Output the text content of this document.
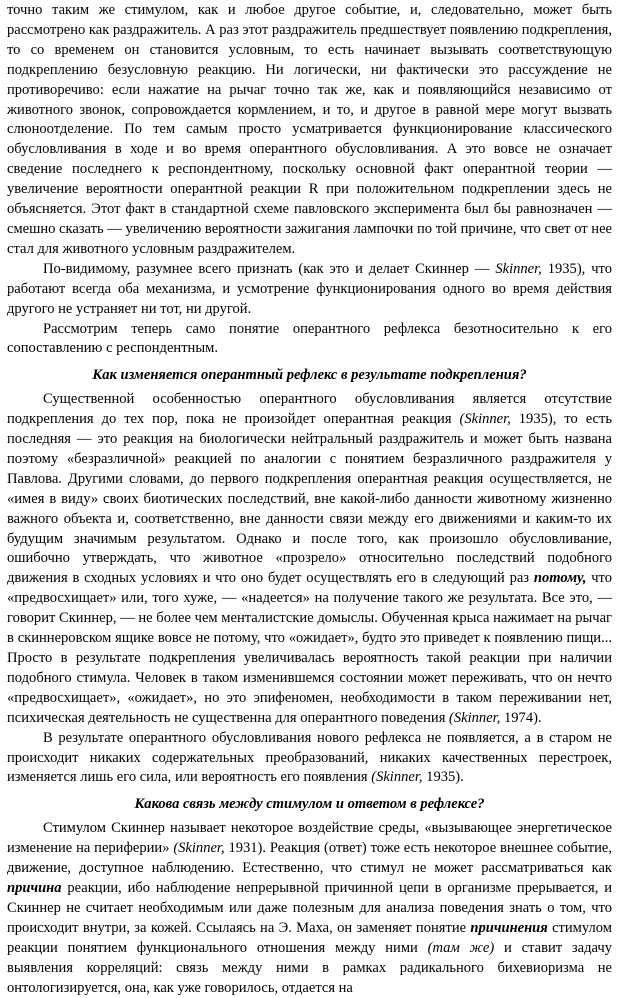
точно таким же стимулом, как и любое другое событие, и, следовательно, может быть рассмотрено как раздражитель. А раз этот раздражитель предшествует появлению подкрепления, то со временем он становится условным, то есть начинает вызывать соответствующую подкреплению безусловную реакцию. Ни логически, ни фактически это рассуждение не противоречиво: если нажатие на рычаг точно так же, как и появляющийся независимо от животного звонок, сопровождается кормлением, и то, и другое в равной мере могут вызвать слюноотделение. По тем самым просто усматривается функционирование классического обусловливания в ходе и во время оперантного обусловливания. А это вовсе не означает сведение последнего к респондентному, поскольку основной факт оперантной теории — увеличение вероятности оперантной реакции R при положительном подкреплении здесь не объясняется. Этот факт в стандартной схеме павловского эксперимента был бы равнозначен — смешно сказать — увеличению вероятности зажигания лампочки по той причине, что свет от нее стал для животного условным раздражителем.

По-видимому, разумнее всего признать (как это и делает Скиннер — Skinner, 1935), что работают всегда оба механизма, и усмотрение функционирования одного во время действия другого не устраняет ни тот, ни другой.

Рассмотрим теперь само понятие оперантного рефлекса безотносительно к его сопоставлению с респондентным.

Как изменяется оперантный рефлекс в результате подкрепления?

Существенной особенностью оперантного обусловливания является отсутствие подкрепления до тех пор, пока не произойдет оперантная реакция (Skinner, 1935), то есть последняя — это реакция на биологически нейтральный раздражитель и может быть названа поэтому «безразличной» реакцией по аналогии с понятием безразличного раздражителя у Павлова. Другими словами, до первого подкрепления оперантная реакция осуществляется, не «имея в виду» своих биотических последствий, вне какой-либо данности животному жизненно важного объекта и, соответственно, вне данности связи между его движениями и каким-то их будущим значимым результатом. Однако и после того, как произошло обусловливание, ошибочно утверждать, что животное «прозрело» относительно последствий подобного движения в сходных условиях и что оно будет осуществлять его в следующий раз потому, что «предвосхищает» или, того хуже, — «надеется» на получение такого же результата. Все это, — говорит Скиннер, — не более чем менталистские домыслы. Обученная крыса нажимает на рычаг в скиннеровском ящике вовсе не потому, что «ожидает», будто это приведет к появлению пищи... Просто в результате подкрепления увеличивалась вероятность такой реакции при наличии подобного стимула. Человек в таком изменившемся состоянии может переживать, что он нечто «предвосхищает», «ожидает», но это эпифеномен, необходимости в таком переживании нет, психическая деятельность не существенна для оперантного поведения (Skinner, 1974).

В результате оперантного обусловливания нового рефлекса не появляется, а в старом не происходит никаких содержательных преобразований, никаких качественных перестроек, изменяется лишь его сила, или вероятность его появления (Skinner, 1935).

Какова связь между стимулом и ответом в рефлексе?

Стимулом Скиннер называет некоторое воздействие среды, «вызывающее энергетическое изменение на периферии» (Skinner, 1931). Реакция (ответ) тоже есть некоторое внешнее событие, движение, доступное наблюдению. Естественно, что стимул не может рассматриваться как причина реакции, ибо наблюдение непрерывной причинной цепи в организме прерывается, и Скиннер не считает необходимым или даже полезным для анализа поведения знать о том, что происходит внутри, за кожей. Ссылаясь на Э. Маха, он заменяет понятие причинения стимулом реакции понятием функционального отношения между ними (там же) и ставит задачу выявления корреляций: связь между ними в рамках радикального бихевиоризма не онтологизируется, она, как уже говорилось, отдается на
